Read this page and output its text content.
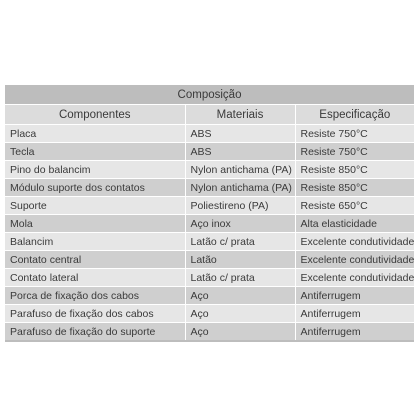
Composição		
Componentes	Materiais	Especificação
Placa	ABS	Resiste 750°C
Tecla	ABS	Resiste 750°C
Pino do balancim	Nylon antichama (PA)	Resiste 850°C
Módulo suporte dos contatos	Nylon antichama (PA)	Resiste 850°C
Suporte	Poliestireno (PA)	Resiste 650°C
Mola	Aço inox	Alta elasticidade
Balancim	Latão c/ prata	Excelente condutividade
Contato central	Latão	Excelente condutividade
Contato lateral	Latão c/ prata	Excelente condutividade
Porca de fixação dos cabos	Aço	Antiferrugem
Parafuso de fixação dos cabos	Aço	Antiferrugem
Parafuso de fixação do suporte	Aço	Antiferrugem
